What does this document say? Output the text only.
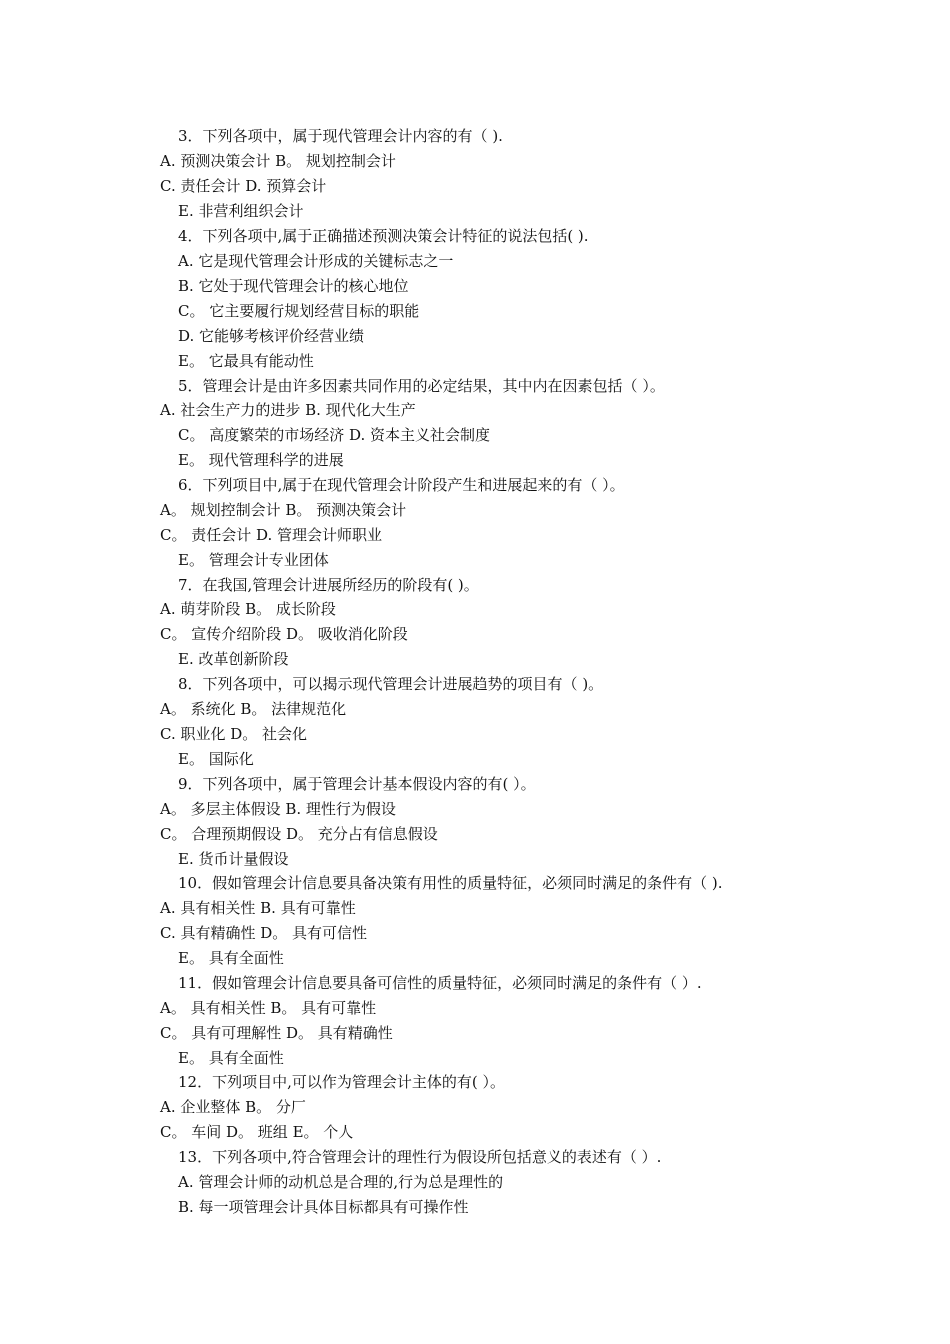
3．下列各项中，属于现代管理会计内容的有（ ).
A. 预测决策会计 B。 规划控制会计
C. 责任会计 D. 预算会计
E. 非营利组织会计
4．下列各项中,属于正确描述预测决策会计特征的说法包括( ).
A. 它是现代管理会计形成的关键标志之一
B. 它处于现代管理会计的核心地位
C。 它主要履行规划经营目标的职能
D. 它能够考核评价经营业绩
E。 它最具有能动性
5．管理会计是由许多因素共同作用的必定结果，其中内在因素包括（ ）。
A. 社会生产力的进步 B. 现代化大生产
C。 高度繁荣的市场经济 D. 资本主义社会制度
E。 现代管理科学的进展
6．下列项目中,属于在现代管理会计阶段产生和进展起来的有（ ）。
A。 规划控制会计 B。 预测决策会计
C。 责任会计 D. 管理会计师职业
E。 管理会计专业团体
7．在我国,管理会计进展所经历的阶段有( )。
A. 萌芽阶段 B。 成长阶段
C。 宣传介绍阶段 D。 吸收消化阶段
E. 改革创新阶段
8．下列各项中，可以揭示现代管理会计进展趋势的项目有（ )。
A。 系统化 B。 法律规范化
C. 职业化 D。 社会化
E。 国际化
9．下列各项中，属于管理会计基本假设内容的有( ）。
A。 多层主体假设 B. 理性行为假设
C。 合理预期假设 D。 充分占有信息假设
E. 货币计量假设
10．假如管理会计信息要具备决策有用性的质量特征，必须同时满足的条件有（ ).
A. 具有相关性 B. 具有可靠性
C. 具有精确性 D。 具有可信性
E。 具有全面性
11．假如管理会计信息要具备可信性的质量特征，必须同时满足的条件有（ ）.
A。 具有相关性 B。 具有可靠性
C。 具有可理解性 D。 具有精确性
E。 具有全面性
12．下列项目中,可以作为管理会计主体的有( ）。
A. 企业整体 B。 分厂
C。 车间 D。 班组 E。 个人
13．下列各项中,符合管理会计的理性行为假设所包括意义的表述有（ ）.
A. 管理会计师的动机总是合理的,行为总是理性的
B. 每一项管理会计具体目标都具有可操作性
